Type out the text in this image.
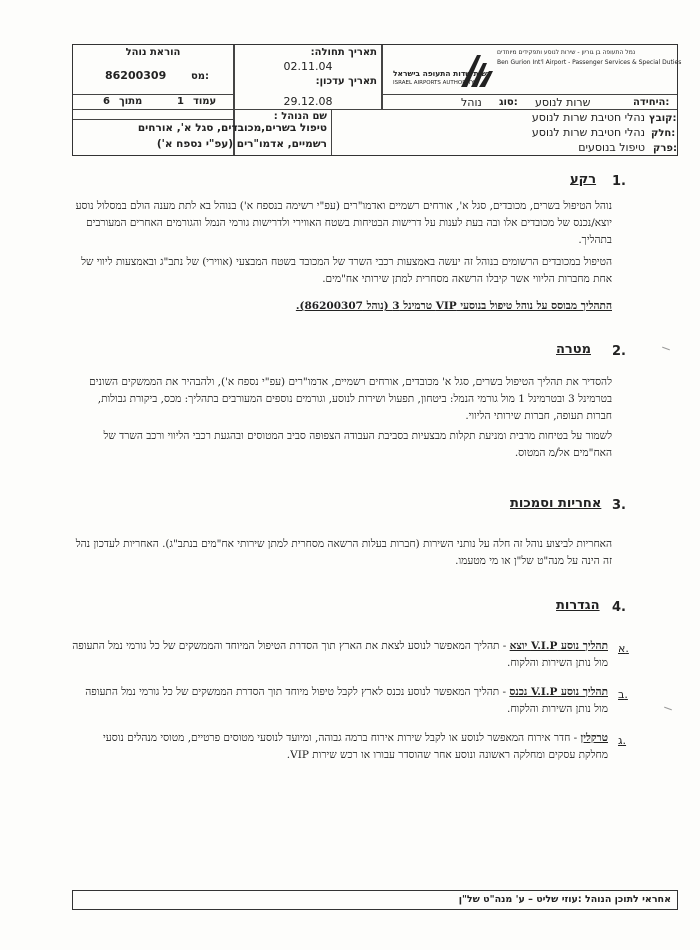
הוראת נוהל
מס:
86200309
עמוד
1
מתוך
6
תאריך תחולה:
02.11.04
תאריך עדכון:
29.12.08
נמל התעופה בן גוריון - שירות לנוסע ותפקידים מיוחדים
Ben Gurion Int'l Airport - Passenger Services & Special Duties
רשות שדות התעופה בישראל
ISRAEL AIRPORTS AUTHORITY
היחידה:
שרות לנוסע
סוג:
נוהל
שם הנוהל :
טיפול בשרים,מכובדים, סגל א', אורחים
רשמיים, אדמו"רים (עפ"י נספח א')
קובץ:
נהלי חטיבת שרות לנוסע
חלק:
נהלי חטיבת שרות לנוסע
פרק:
טיפול בנוסעים
1.
רקע
נוהל הטיפול בשרים, מכובדים, סגל א', אורחים רשמיים ואדמו"רים (עפ"י רשימה בנספח א') בנוהל בא לתת מענה הולם במסלול נוסע יוצא/נכנס של מכובדים אלו ובה בעת לענות על דרישות הבטיחות בשטח האווירי ולדרישות גורמי הנמל והגורמים האחרים המעורבים בתהליך.
הטיפול במכובדים הרשומים בנוהל זה יעשה באמצעות רכבי השרד של המכובד בשטח המבצעי (אווירי) של נתב"ג ובאמצעות ליווי של אחת מחברות הליווי אשר קיבלו הרשאה מסחרית למתן שירותי אח"מים.
התהליך מבוסס על נוהל טיפול בנוסעי VIP טרמינל 3 (נוהל 86200307).
2.
מטרה
להסדיר את תהליך הטיפול בשרים, סגל א' מכובדים, אורחים רשמיים, אדמו"רים (עפ"י נספח א'), ולהבהיר את הממשקים השונים בטרמינל 3 ובטרמינל 1 מול גורמי הנמל: ביטחון, תפעול ושירות לנוסע, וגורמים נוספים המעורבים בתהליך: מכס, ביקורת גבולות, חברות תעופה, חברות שירותי הליווי.
לשמור על בטיחות מרבית ומניעת תקלות מבצעיות בסביבת העבודה הצפופה סביב המטוסים ובהגעת רכבי הליווי ורכב השרד של האח"מים אל/מ המטוס.
3.
אחריות וסמכות
האחריות לביצוע נוהל זה חלה על נותני השירות (חברות בעלות הרשאה מסחרית למתן שירותי אח"מים בנתב"ג). האחריות לעדכון נהל זה הינה על מנה"ט של"ן או מי מטעמו.
4.
הגדרות
א.
תהליך נוסע V.I.P יוצא - תהליך המאפשר לנוסע לצאת את הארץ תוך הסדרת הטיפול המיוחד והממשקים של כל גורמי נמל התעופה מול נותן השירות והלקוח.
ב.
תהליך נוסע V.I.P נכנס - תהליך המאפשר לנוסע נכנס לארץ לקבל טיפול מיוחד תוך הסדרת הממשקים של כל גורמי נמל התעופה מול נותן השירות והלקוח.
ג.
טרקלין - חדר אירוח המאפשר לנוסע או לקבל שירות אירוח ברמה גבוהה, ומיועד לנוסעי מטוסים פרטיים, מטוסי מנהלים נוסעי מחלקת עסקים ומחלקה ראשונה ונוסע אחר שהוסדר עבורו או רכש שירות VIP.
אחראי לתוכן הנוהל :עוזי שליט – ע' מנה"ט של"ן
